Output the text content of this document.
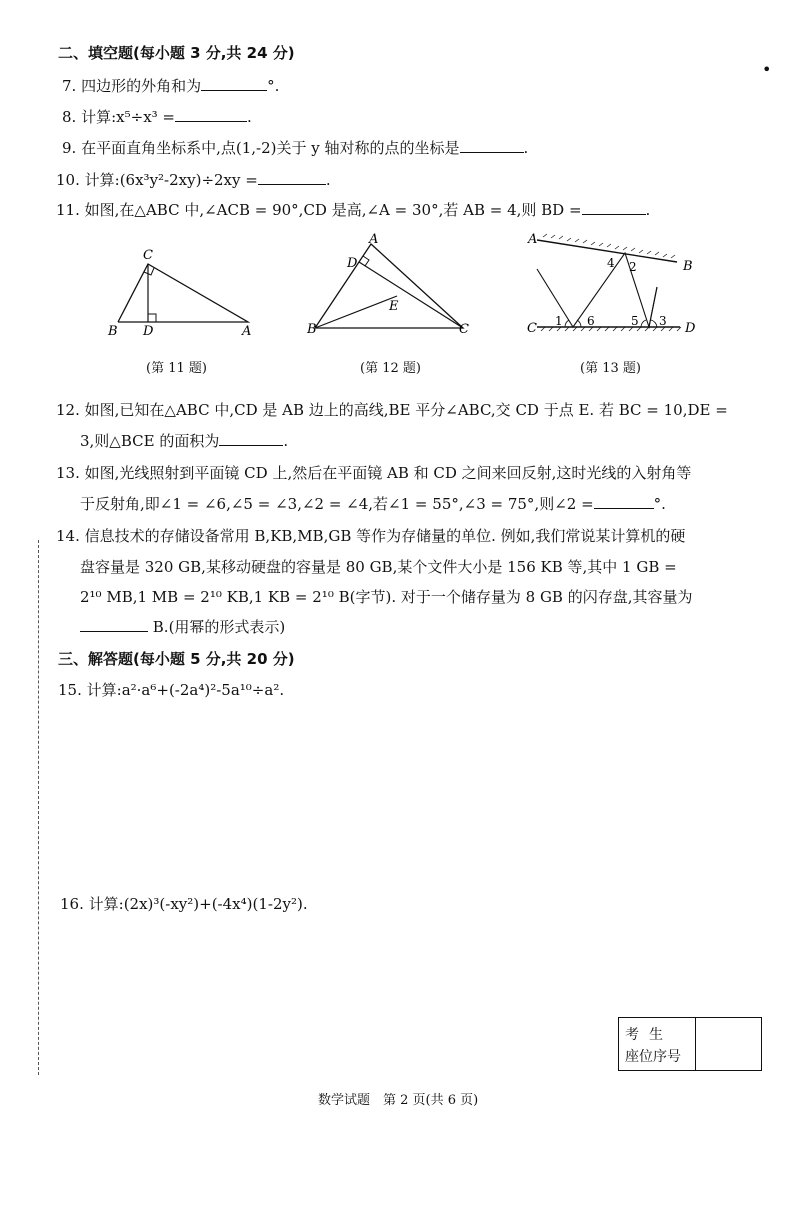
二、填空题(每小题 3 分,共 24 分)
•
7. 四边形的外角和为	°.
8. 计算:x⁵÷x³ =	.
9. 在平面直角坐标系中,点(1,-2)关于 y 轴对称的点的坐标是	.
10. 计算:(6x³y²-2xy)÷2xy =	.
11. 如图,在△ABC 中,∠ACB = 90°,CD 是高,∠A = 30°,若 AB = 4,则 BD =	.
C
B D	A
A
D
E
B	C
A
B
C	D
1 6	5 3
4 2
(第 11 题)	(第 12 题)	(第 13 题)
12. 如图,已知在△ABC 中,CD 是 AB 边上的高线,BE 平分∠ABC,交 CD 于点 E. 若 BC = 10,DE =
3,则△BCE 的面积为	.
13. 如图,光线照射到平面镜 CD 上,然后在平面镜 AB 和 CD 之间来回反射,这时光线的入射角等
于反射角,即∠1 = ∠6,∠5 = ∠3,∠2 = ∠4,若∠1 = 55°,∠3 = 75°,则∠2 =	°.
14. 信息技术的存储设备常用 B,KB,MB,GB 等作为存储量的单位. 例如,我们常说某计算机的硬
盘容量是 320 GB,某移动硬盘的容量是 80 GB,某个文件大小是 156 KB 等,其中 1 GB =
2¹⁰ MB,1 MB = 2¹⁰ KB,1 KB = 2¹⁰ B(字节). 对于一个储存量为 8 GB 的闪存盘,其容量为
B.(用幂的形式表示)
三、解答题(每小题 5 分,共 20 分)
15. 计算:a²·a⁶+(-2a⁴)²-5a¹⁰÷a².
16. 计算:(2x)³(-xy²)+(-4x⁴)(1-2y²).
考生
座位序号
数学试题　第 2 页(共 6 页)
